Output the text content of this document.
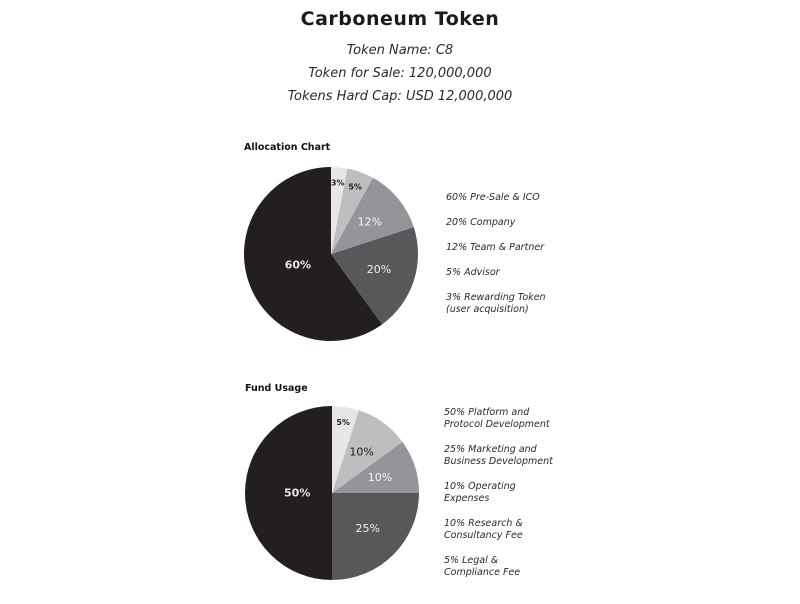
Carboneum Token
Token Name: C8
Token for Sale: 120,000,000
Tokens Hard Cap: USD 12,000,000
Allocation Chart
60%	20%
12%
5%
3%
60% Pre-Sale & ICO
20% Company
12% Team & Partner
5% Advisor
3% Rewarding Token
(user acquisition)
Fund Usage
50%
25%
10%
10%
5%
50% Platform and
Protocol Development
25% Marketing and
Business Development
10% Operating
Expenses
10% Research &
Consultancy Fee
5% Legal &
Compliance Fee
